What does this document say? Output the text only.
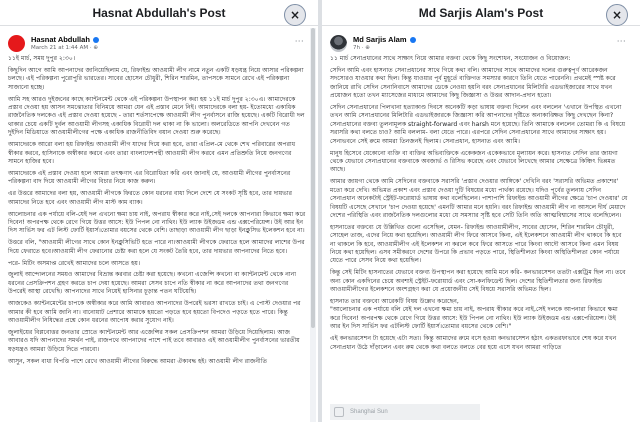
Hasnat Abdullah's Post	×
Hasnat Abdullah
March 21 at 1:44 AM · ⊕
···

১১ই মার্চ, সময় দুপুর ২:৩০।

কিছুদিন আগে আমি আপনাদের জানিয়েছিলাম যে, রিফাইন্ড আওয়ামী লীগ নামে নতুন একটি ষড়যন্ত্র নিয়ে আসার পরিকল্পনা চলছে। এই পরিকল্পনা পুরোপুরি ভারতের। সাবের হোসেন চৌধুরী, শিরিন শারমিন, তাপসকে সামনে রেখে এই পরিকল্পনা সাজানো হচ্ছে।

আমি সহ আরও দুইজনের কাছে ক্যান্টনমেন্ট থেকে এই পরিকল্পনা উপস্থাপন করা হয় ১১ই মার্চ দুপুর ২:৩০এ। আমাদেরকে প্রস্তাব দেওয়া হয় আসন সমঝোতার বিনিময়ে আমরা যেন এই প্রস্তাব মেনে নিই। আমাদেরকে বলা হয়- ইতোমধ্যে একাধিক রাজনৈতিক দলকেও এই প্রস্তাব দেওয়া হয়েছে - তারা শর্তসাপেক্ষে আওয়ামী লীগ পুনর্বাসনে রাজি হয়েছে। একটি বিরোধী দল থাকার চেয়ে একটি দুর্বল আওয়ামী লীগসহ একাধিক বিরোধী দল থাকা না কি ভালো। অলরেডিতে আপনি দেখবেন গত দুইদিন মিডিয়াতে আওয়ামীলীগের পক্ষে একাধিক রাজনীতিবিদ বয়ান দেওয়া শুরু করেছে।

আমাদেরকে আরো বলা হয় রিফাইন্ড আওয়ামী লীগ যাদের দিয়ে করা হবে, তারা এপ্রিল-মে থেকে শেখ পরিবারের অপরাধ স্বীকার করবে, হাসিনাকে অস্বীকার করবে এবং তারা বাংলাদেশপন্থী আওয়ামী লীগ করবে এমন প্রতিশ্রুতি নিয়ে জনগণের সামনে হাজির হবে।

আমাদেরকে এই প্রস্তাব দেওয়া হলে আমরা তৎক্ষণাৎ এর বিরোধিতা করি এবং জানাই যে, আওয়ামী লীগের পুনর্বাসনের পরিকল্পনা বাদ দিয়ে আওয়ামী লীগের বিচার নিয়ে কাজ করুন।

এর উত্তরে আমাদের বলা হয়, আওয়ামী লীগকে ফিরতে কোন ধরনের বাধা দিলে দেশে যে সংকট সৃষ্টি হবে, তার দায়ভার আমাদের নিতে হবে এবং আওয়ামী লীগ মাস্ট কাম ব্যাক।

আলোচনার এক পর্যায়ে বলি-যেই দল এখনো ক্ষমা চায় নাই, অপরাধ স্বীকার করে নাই,সেই দলকে আপনারা কিভাবে ক্ষমা করে দিবেন! অপরপক্ষ থেকে রেগে গিয়ে উত্তর আসে: ইউ পিপল নো নাথিং। ইউ ল্যাক উইজডম এন্ড এক্সপেরিয়েন্স। উই আর ইন দিস সার্ভিস ফর এট লিস্ট ফোর্টি ইয়ার্স।তোমার বয়সের থেকে বেশি। তাছাড়া আওয়ামী লীগ ছাড়া ইনক্লুসিভ ইলেকশন হবে না।

উত্তরে বলি, "আওয়ামী লীগের সাথে কোন ইনক্লুসিভিটি হতে পারে না।আওয়ামী লীগকে ফেরাতে হলে আমাদের লাশের উপর দিয়ে ফেরাতে হবে।আওয়ামী লীগ ফেরানোর চেষ্টা করা হলে যে সংকট তৈরি হবে, তার দায়ভার আপনাদের নিতে হবে।

পরে- মিটিং অসমাপ্ত রেখেই আমাদের চলে আসতে হয়।

জুলাই আন্দোলনের সময়ও আমাদের বিভ্রান্ত করবার চেষ্টা করা হয়েছে। কখনো এজেন্সি কখনো বা ক্যান্টনমেন্ট থেকে নানা ধরনের প্রেসক্রিপশন গ্রহণ করতে চাপ দেয়া হয়েছে। আমরা সেসব চাপে নতি স্বীকার না করে আপনাদের তথা জনগণের উপরেই আস্থা রেখেছি। আপনাদের সাথে নিয়েই হাসিনার চূড়ান্ত পতন ঘটিয়েছি।

আজকেও ক্যান্টনমেন্টের চাপকে অস্বীকার করে আমি আবারও আপনাদের উপরেই ভরসা রাখতে চাই। এ পোস্ট দেওয়ার পর আমার কী হবে আমি জানি না। বানোয়াট প্রেশারে আমাকে হয়তো পড়তে হবে হয়তো বিপদেও পড়তে হতে পারে। কিন্তু আওয়ামীলীগ নিষিদ্ধের প্রশ্নে কোন ধরনের আপোষ করার সুযোগ নাই।

জুলাইয়ের বিপ্লবোত্তর জনতার স্রোতে ক্যান্টনমেন্ট আর এজেন্সির সকল প্রেসক্রিপশন আমরা উড়িয়ে দিয়েছিলাম। আজ আবারও যদি আপনাদের সমর্থন পাই, রাজপথে আপনাদের পাশে পাই তবে আবারও এই আওয়ামীলীগ পুনর্বাসনের ভারতীয় ষড়যন্ত্রও আমরা উড়িয়ে দিতে পারবো।

আসুন, সকল বাধা বিপত্তি পাশে রেখে আওয়ামী লীগের বিরুদ্ধে আমরা ঐক্যবদ্ধ হই। আওয়ামী লীগ রাজনীতি

Md Sarjis Alam's Post	×
Md Sarjis Alam
7h · ⊕
···

১১ মার্চ সেনাপ্রধানের সাথে সাক্ষাৎ নিয়ে আমার বক্তব্য থেকে কিছু সংশোধন, সংযোজন ও বিয়োজন:

সেদিন আমি এবং হাসনাত সেনাপ্রধানের সাথে গিয়ে কথা বলি। আমাদের সাথে আমাদের দলের গুরুত্বপূর্ণ আরেকজন সদস্যেরও যাওয়ার কথা ছিল। কিন্তু যাওয়ার পূর্ব মুহূর্তে ব্যক্তিগত সমস্যার কারণে তিনি যেতে পারেননি। প্রথমেই স্পষ্ট করে জানিয়ে রাখি সেদিন সেনানিবাসে আমাদের ডেকে নেওয়া হয়নি বরং সেনাপ্রধানের মিলিটারি এডভাইজারের সাথে যখন প্রয়োজন হতো তখন ম্যাসেজের মাধ্যমে আমাদের কিছু জিজ্ঞাসা ও উত্তর আদান-প্রদান হতো।

সেদিন সেনাপ্রধানের পিলখানা হত্যাকাণ্ড দিবসে অনেকটি কড়া ভাষায় বক্তব্য দিলেন এবং বললেন 'এখানে উপস্থিত এখনো তখন আমি সেনাপ্রধানের মিলিটারি এডভাইজারকে জিজ্ঞাসা করি আপনাদের দৃষ্টিতে অনাকাঙ্ক্ষিত কিছু দেখছেন কিনা? সেনাপ্রধানের বক্তব্য তুলনামূলক straight-forward এবং harsh মনে হয়েছে। তিনি আমাকে বললেন তোমরা কি এ বিষয়ে সরাসরি কথা বলতে চাও? আমি বললাম- বলা যেতে পারে। এরপরে সেদিন সেনাপ্রধানের সাথে আমাদের সাক্ষাৎ হয়। সেনাভবনে সেই রুমে আমরা তিনজনই ছিলাম। সেনাপ্রধান, হাসনাত এবং আমি।

মানুষ হিসেবে যেকোনো ব্যক্তি বা ব্যক্তির অভিব্যক্তিকে একেকজন একেকভাবে মূল্যায়ন করে। হাসনাত সেদিন তার জায়গা থেকে যেভাবে সেনাপ্রধানের বক্তব্যকে অবজার্ভ ও রিসিভ করেছে এবং যেভাবে লিখেছে আমার সেক্ষেত্রে কিঞ্চিৎ ভিন্নমত আছে।

আমার জায়গা থেকে আমি সেদিনের বক্তব্যকে সরাসরি 'প্রস্তাব দেওয়ার আঙ্গিকে' দেখিনি বরং 'সরাসরি অভিমত প্রকাশের' মতো করে দেখি। অভিমত প্রকাশ এবং প্রস্তাব দেওয়া দুটি বিষয়ের মধ্যে পার্থক্য রয়েছে। যদিও পূর্বের তুলনায় সেদিন সেনাপ্রধান অনেকটাই স্ট্রেইট-ফরোয়ার্ড ভাষায় কথা বলেছিলেন। পাশাপাশি রিফাইন্ড আওয়ামী লীগের ক্ষেত্রে 'চাপ দেওয়ার' যে বিষয়টি এসেছে সেখানে 'চাপ দেওয়া হয়েছে' এমনটি আমার মনে হয়নি। বরং রিফাইন্ড আওয়ামী লীগ না আসলে দীর্ঘ মেয়াদে দেশের পরিস্থিতি এবং রাজনৈতিক দলগুলোর মধ্যে যে সমস্যার সৃষ্টি হবে সেটি তিনি অতি আত্মবিশ্বাসের সাথে বলেছিলেন।

হাসনাতের বক্তব্যে যে উল্লিখিত গুলো এসেছিল, যেমন- রিফাইন্ড আওয়ামীলীগ, সাবের হোসেন, শিরিন শারমিন চৌধুরী, সোহেল তাজ, এদের নিয়ে কথা হয়েছিল। আওয়ামী লীগ ফিরে আসবে কিনা, এই ইলেকশনে আওয়ামী লীগ থাকবে কি হবে না থাকলে কি হবে, আওয়ামীলীগ এই ইলেকশন না করলে কবে ফিরে আসতে পারে কিংবা আদৌ আসবে কিনা এমন বিষয় নিয়ে কথা হয়েছিল। এসব সমীকরণে দেশের উপরে কি প্রভাব পড়তে পারে, স্থিতিশীলতা কিংবা অস্থিতিশীলতা কোন পর্যায়ে যেতে পারে সেসব নিয়ে কথা হয়েছিল।

কিন্তু সেই মিটিং হাসনাতের যেভাবে বক্তব্য উপস্থাপন করা হয়েছে আমি মনে করি- কনভারসেশন ততটা এক্সট্রিম ছিল না। তবে অন্য কোন একদিনের চেয়ে অবশ্যই স্ট্রেইট-ফরোয়ার্ড এবং সো-কনফিডেন্ট ছিল। দেশের স্থিতিশীলতার জন্য রিফাইন্ড আওয়ামীলীগের ইলেকশনে অংশগ্রহণ করা যে প্রয়োজনীয় সেই বিষয়ে সরাসরি অভিমত ছিল।

হাসনাত তার বক্তব্যে আরেকটি বিষয় উল্লেখ করেছেন,

"আলোচনার এক পর্যায়ে বলি যেই দল এখনো ক্ষমা চায় নাই, অপরাধ স্বীকার করে নাই,সেই দলকে আপনারা কিভাবে ক্ষমা করে দিবেন! অপরপক্ষ থেকে রেগে গিয়ে উত্তর আসে: ইউ পিপল নো নাথিং। ইউ ল্যাক উইজডম এন্ড এক্সপেরিয়েন্স। উই আর ইন দিস সার্ভিস ফর এটলিস্ট ফোর্টি ইয়ার্স।তোমার বয়সের থেকে বেশি।"

এই কনভারসেশন টা হয়েছে এটা সত্য। কিন্তু আমাদের রুমে বসে হওয়া কনভারসেশন হঠাৎ একতরফাভাবে শেষ করে যখন সেনাপ্রধান উঠে দাঁড়ালেন এবং রুম থেকে কথা বলতে বলতে বের হয়ে এসে যখন আমরা গাড়িতে

Shanghai Sun
